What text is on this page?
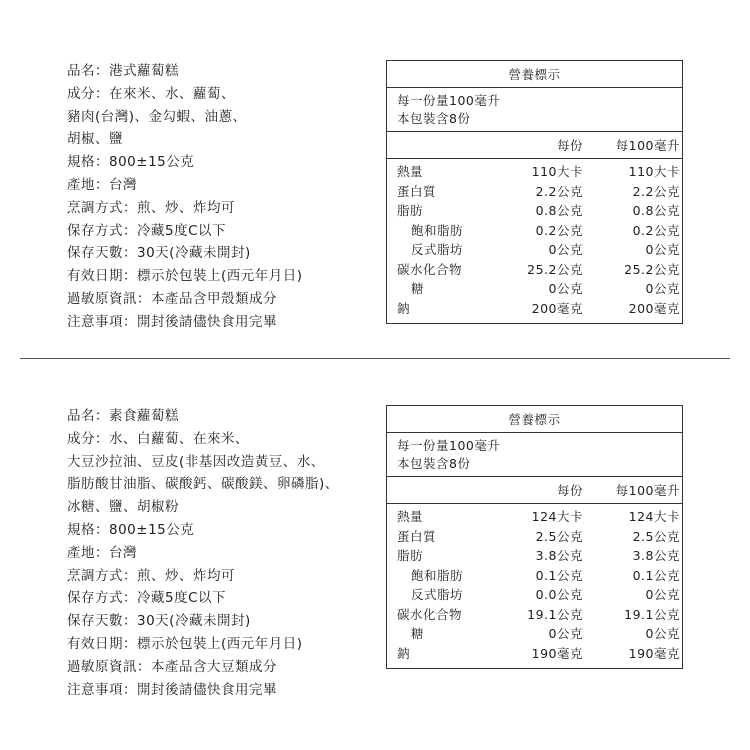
品名：港式蘿蔔糕
成分：在來米、水、蘿蔔、
豬肉(台灣)、金勾蝦、油蔥、
胡椒、鹽
規格：800±15公克
產地：台灣
烹調方式：煎、炒、炸均可
保存方式：冷藏5度C以下
保存天數：30天(冷藏未開封)
有效日期：標示於包裝上(西元年月日)
過敏原資訊：本產品含甲殼類成分
注意事項：開封後請儘快食用完畢
營養標示
每一份量100毫升
本包裝含8份
每份	每100毫升
熱量	110大卡	110大卡
蛋白質	2.2公克	2.2公克
脂肪	0.8公克	0.8公克
飽和脂肪	0.2公克	0.2公克
反式脂坊	0公克	0公克
碳水化合物	25.2公克	25.2公克
糖	0公克	0公克
鈉	200毫克	200毫克
品名：素食蘿蔔糕
成分：水、白蘿蔔、在來米、
大豆沙拉油、豆皮(非基因改造黃豆、水、
脂肪酸甘油脂、碳酸鈣、碳酸鎂、卵磷脂)、
冰糖、鹽、胡椒粉
規格：800±15公克
產地：台灣
烹調方式：煎、炒、炸均可
保存方式：冷藏5度C以下
保存天數：30天(冷藏未開封)
有效日期：標示於包裝上(西元年月日)
過敏原資訊：本產品含大豆類成分
注意事項：開封後請儘快食用完畢
營養標示
每一份量100毫升
本包裝含8份
每份	每100毫升
熱量	124大卡	124大卡
蛋白質	2.5公克	2.5公克
脂肪	3.8公克	3.8公克
飽和脂肪	0.1公克	0.1公克
反式脂坊	0.0公克	0公克
碳水化合物	19.1公克	19.1公克
糖	0公克	0公克
鈉	190毫克	190毫克
